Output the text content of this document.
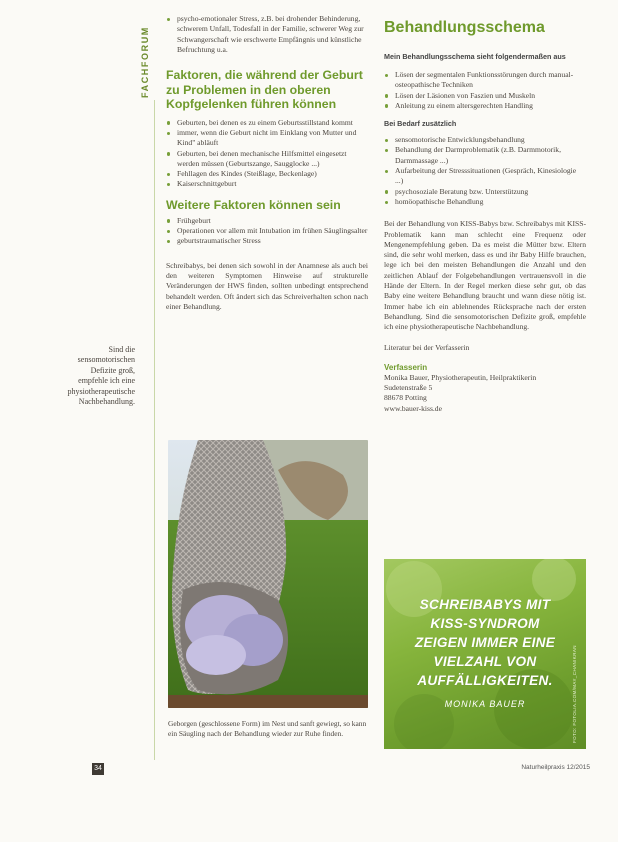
FACHFORUM
psycho-emotionaler Stress, z.B. bei drohender Behinderung, schwerem Unfall, Todesfall in der Familie, schwerer Weg zur Schwangerschaft wie erschwerte Empfängnis und künstliche Befruchtung u.a.
Faktoren, die während der Geburt zu Problemen in den oberen Kopfgelenken führen können
Geburten, bei denen es zu einem Geburtsstillstand kommt
immer, wenn die Geburt nicht im Einklang von Mutter und Kind" abläuft
Geburten, bei denen mechanische Hilfsmittel eingesetzt werden müssen (Geburtszange, Saugglocke ...)
Fehllagen des Kindes (Steißlage, Beckenlage)
Kaiserschnittgeburt
Weitere Faktoren können sein
Frühgeburt
Operationen vor allem mit Intubation im frühen Säuglingsalter
geburtstraumatischer Stress

Schreibabys, bei denen sich sowohl in der Anamnese als auch bei den weiteren Symptomen Hinweise auf strukturelle Veränderungen der HWS finden, sollten unbedingt entsprechend behandelt werden. Oft ändert sich das Schreiverhalten schon nach einer Behandlung.

Sind die sensomotorischen Defizite groß, empfehle ich eine physiotherapeutische Nachbehandlung.
Geborgen (geschlossene Form) im Nest und sanft gewiegt, so kann ein Säugling nach der Behandlung wieder zur Ruhe finden.
Behandlungsschema
Mein Behandlungsschema sieht folgendermaßen aus
Lösen der segmentalen Funktionsstörungen durch manual-osteopathische Techniken
Lösen der Läsionen von Faszien und Muskeln
Anleitung zu einem altersgerechten Handling
Bei Bedarf zusätzlich
sensomotorische Entwicklungsbehandlung
Behandlung der Darmproblematik (z.B. Darmmotorik, Darmmassage ...)
Aufarbeitung der Stresssituationen (Gespräch, Kinesiologie ...)
psychosoziale Beratung bzw. Unterstützung
homöopathische Behandlung

Bei der Behandlung von KISS-Babys bzw. Schreibabys mit KISS-Problematik kann man schlecht eine Frequenz oder Mengenempfehlung geben. Da es meist die Mütter bzw. Eltern sind, die sehr wohl merken, dass es und ihr Baby Hilfe brauchen, lege ich bei den meisten Behandlungen die Anzahl und den zeitlichen Ablauf der Folgebehandlungen vertrauensvoll in die Hände der Eltern. In der Regel merken diese sehr gut, ob das Baby eine weitere Behandlung braucht und wann diese nötig ist. Immer habe ich ein ablehnendes Rücksprache nach der ersten Behandlung. Sind die sensomotorischen Defizite groß, empfehle ich eine physiotherapeutische Nachbehandlung.

Literatur bei der Verfasserin

Verfasserin
Monika Bauer, Physiotherapeutin, Heilpraktikerin
Sudetenstraße 5
88678 Potting
www.bauer-kiss.de
SCHREIBABYS MIT
KISS-SYNDROM
ZEIGEN IMMER EINE
VIELZAHL VON
AUFFÄLLIGKEITEN.
MONIKA BAUER	FOTO: FOTOLIA.COM/MAY_CHANIKRAN
34	Naturheilpraxis 12/2015
